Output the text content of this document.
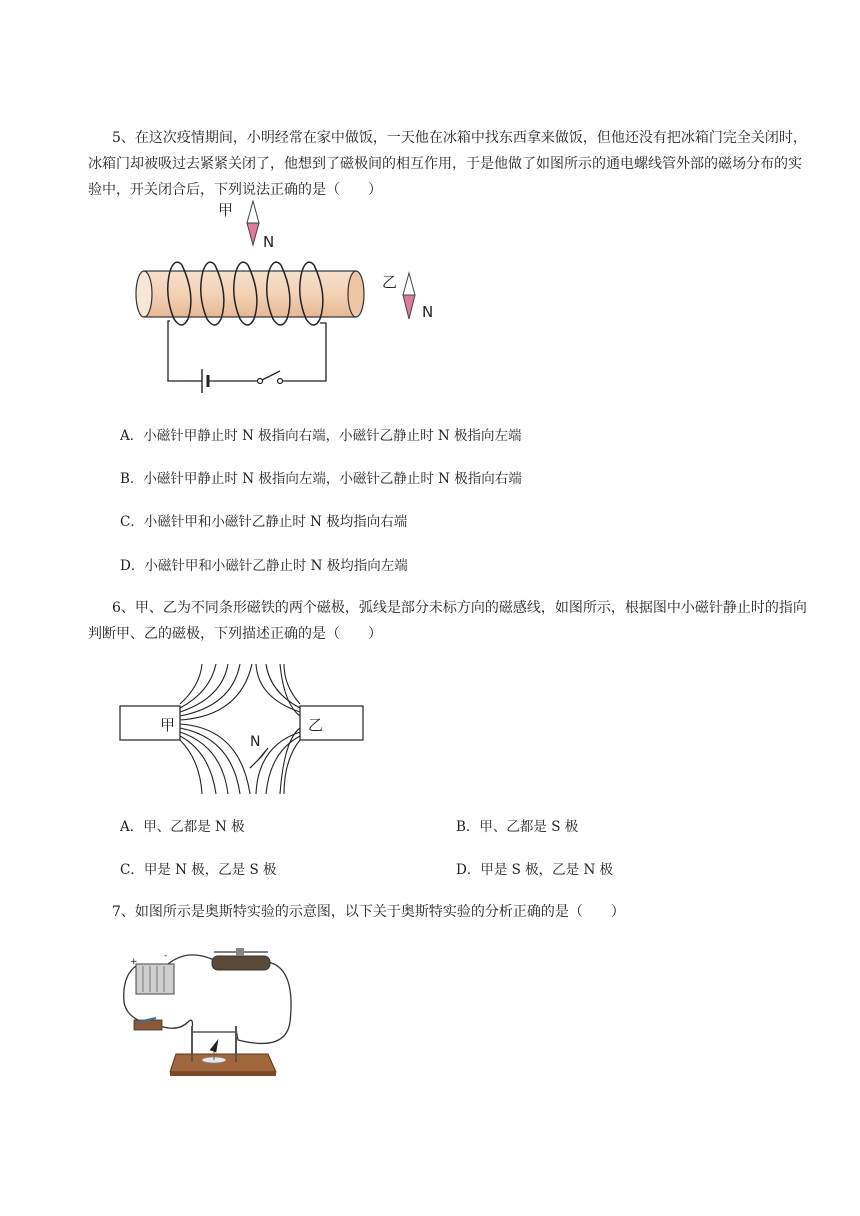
5、在这次疫情期间，小明经常在家中做饭，一天他在冰箱中找东西拿来做饭，但他还没有把冰箱门完全关闭时，冰箱门却被吸过去紧紧关闭了，他想到了磁极间的相互作用，于是他做了如图所示的通电螺线管外部的磁场分布的实验中，开关闭合后，下列说法正确的是（　　）
甲
N
乙
N
A．小磁针甲静止时 N 极指向右端，小磁针乙静止时 N 极指向左端
B．小磁针甲静止时 N 极指向左端，小磁针乙静止时 N 极指向右端
C．小磁针甲和小磁针乙静止时 N 极均指向右端
D．小磁针甲和小磁针乙静止时 N 极均指向左端
6、甲、乙为不同条形磁铁的两个磁极，弧线是部分未标方向的磁感线，如图所示，根据图中小磁针静止时的指向判断甲、乙的磁极，下列描述正确的是（　　）
甲	乙
N
A．甲、乙都是 N 极	B．甲、乙都是 S 极
C．甲是 N 极，乙是 S 极	D．甲是 S 极，乙是 N 极
7、如图所示是奥斯特实验的示意图，以下关于奥斯特实验的分析正确的是（　　）
+
-
